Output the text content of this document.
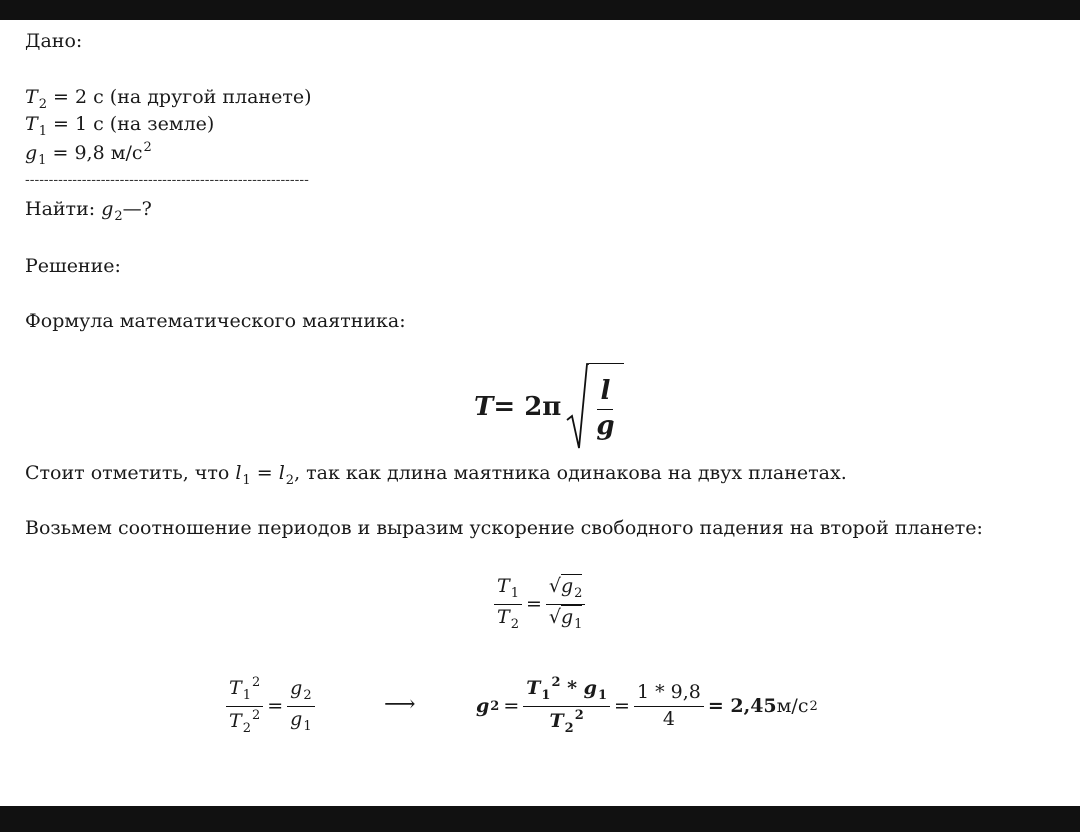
Дано:
$T_2 = 2$ с (на другой планете)
$T_1 = 1$ с (на земле)
$g_1 = 9,8$ $м/с^2$
------------------------------------------------------------
Найти: $g_2—$?
Решение:
Формула математического маятника:
$T = 2\pi \frac{l}{g}$
Стоит отметить, что $l_1 = l_2$, так как длина маятника одинакова на двух планетах.
Возьмем соотношение периодов и выразим ускорение свободного падения на второй планете:
$\frac{T_1}{T_2} = \frac{√g_2}{√g_1}$
$\frac{T_1^2}{T_2^2} = \frac{g_2}{g_1}$	⟶	g $2 = \frac{T_1^2 * g_1}{T_2^2} = \frac{1 * 9,8}{4} = 2,45$ м/с 2
